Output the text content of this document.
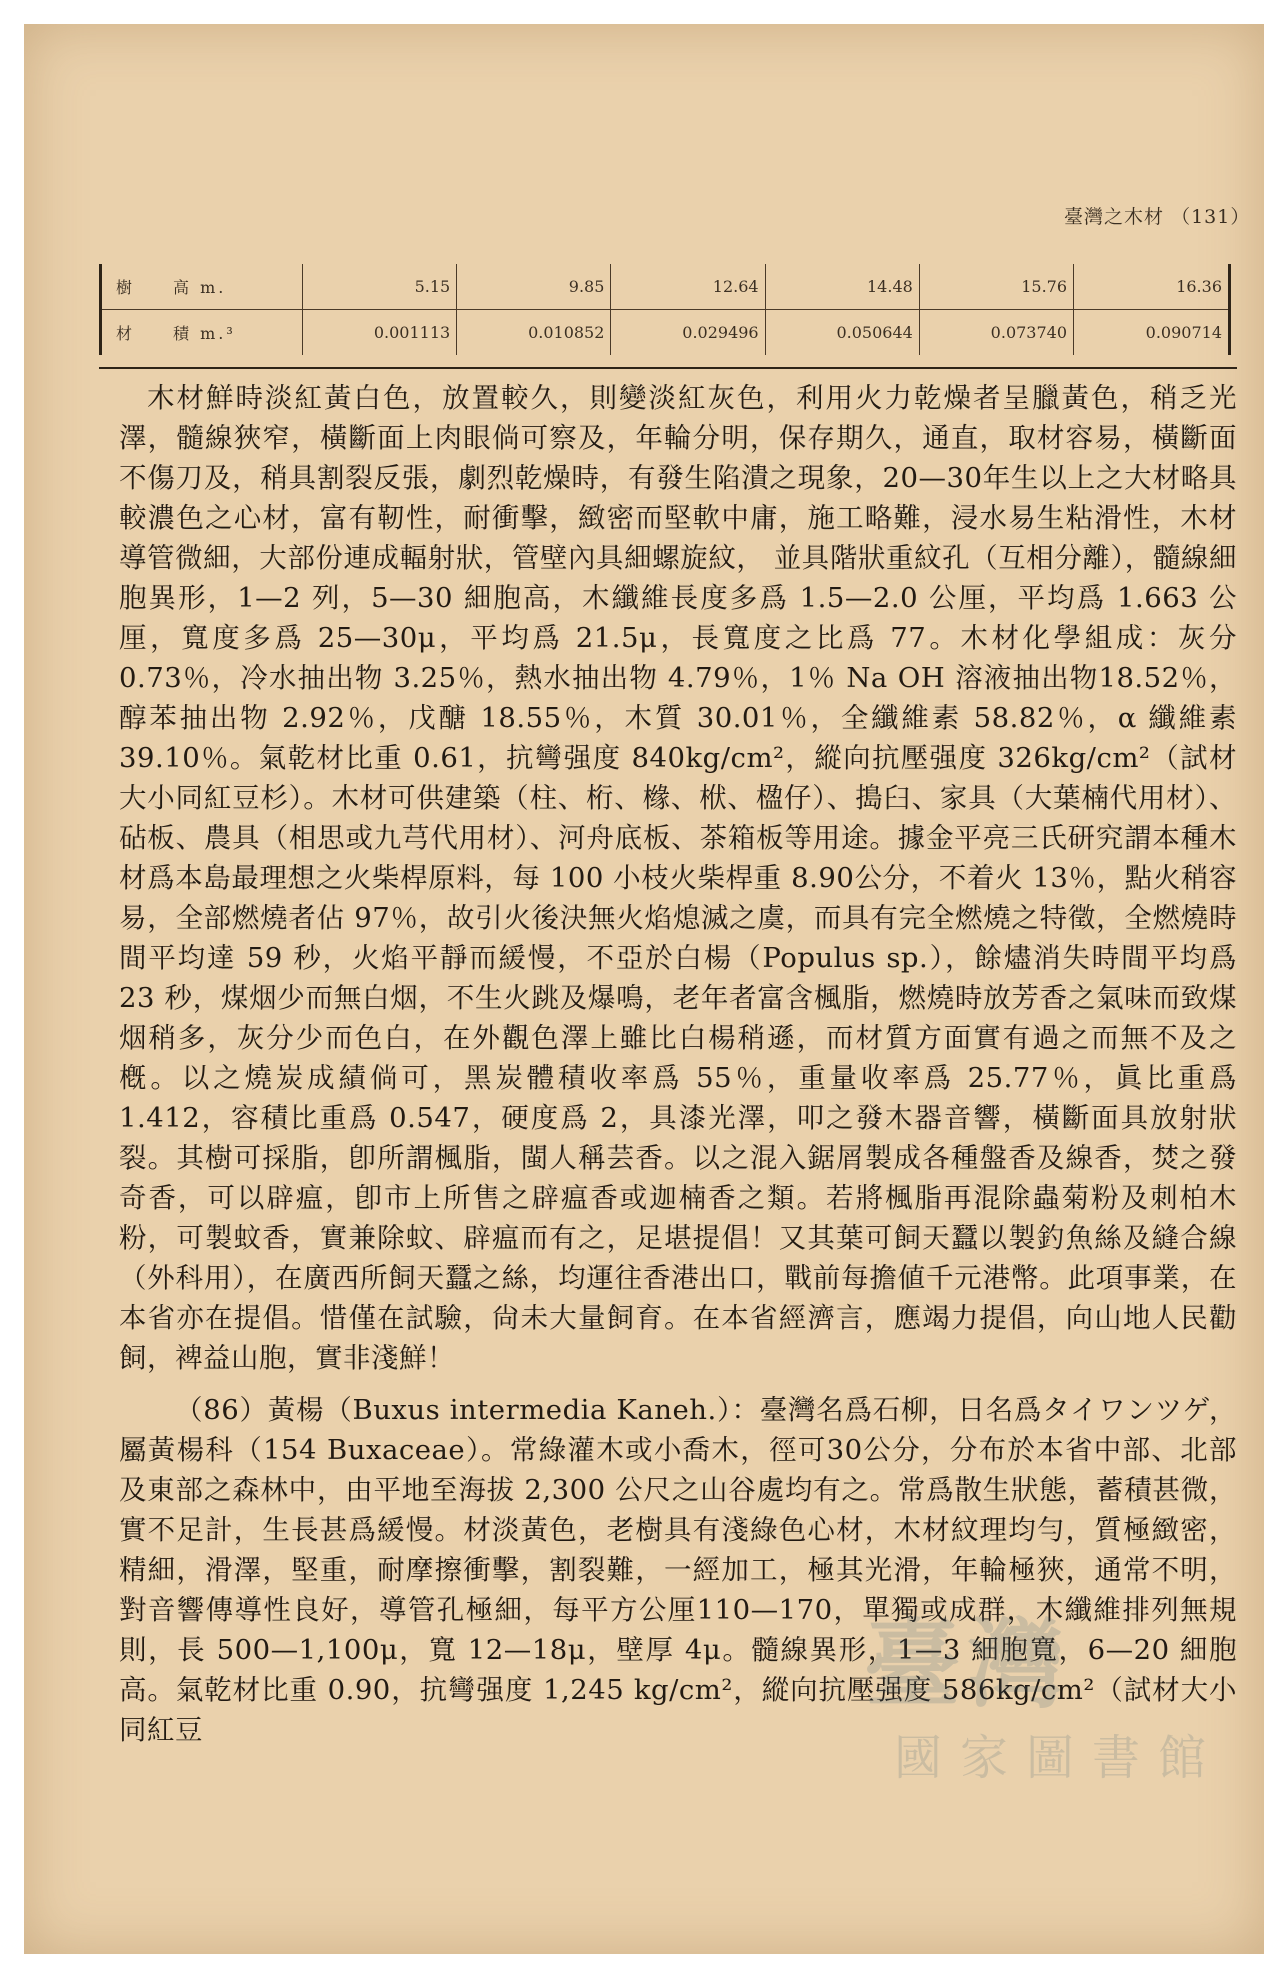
臺灣之木材 （131）
樹　　高 m.	5.15	9.85	12.64	14.48	15.76	16.36
材　　積 m.³	0.001113	0.010852	0.029496	0.050644	0.073740	0.090714

木材鮮時淡紅黃白色，放置較久，則變淡紅灰色，利用火力乾燥者呈臘黃色，稍乏光澤，髓線狹窄，橫斷面上肉眼倘可察及，年輪分明，保存期久，通直，取材容易，橫斷面不傷刀及，稍具割裂反張，劇烈乾燥時，有發生陷潰之現象，20—30年生以上之大材略具較濃色之心材，富有靭性，耐衝擊，緻密而堅軟中庸，施工略難，浸水易生粘滑性，木材導管微細，大部份連成輻射狀，管壁內具細螺旋紋， 並具階狀重紋孔（互相分離），髓線細胞異形，1—2 列，5—30 細胞高，木纖維長度多爲 1.5—2.0 公厘，平均爲 1.663 公厘，寬度多爲 25—30μ，平均爲 21.5μ，長寬度之比爲 77。木材化學組成：灰分 0.73％，冷水抽出物 3.25％，熱水抽出物 4.79％，1％ Na OH 溶液抽出物18.52％，醇苯抽出物 2.92％，戊醣 18.55％，木質 30.01％，全纖維素 58.82％，α 纖維素 39.10％。氣乾材比重 0.61，抗彎强度 840kg/cm²，縱向抗壓强度 326kg/cm²（試材大小同紅豆杉）。木材可供建築（柱、桁、橼、栿、楹仔）、搗臼、家具（大葉楠代用材）、砧板、農具（相思或九芎代用材）、河舟底板、茶箱板等用途。據金平亮三氏研究謂本種木材爲本島最理想之火柴桿原料，每 100 小枝火柴桿重 8.90公分，不着火 13％，點火稍容易，全部燃燒者佔 97％，故引火後決無火焰熄滅之虞，而具有完全燃燒之特徵，全燃燒時間平均達 59 秒，火焰平靜而緩慢，不亞於白楊（Populus sp.），餘燼消失時間平均爲 23 秒，煤烟少而無白烟，不生火跳及爆鳴，老年者富含楓脂，燃燒時放芳香之氣味而致煤烟稍多，灰分少而色白，在外觀色澤上雖比白楊稍遜，而材質方面實有過之而無不及之槪。以之燒炭成績倘可，黑炭體積收率爲 55％，重量收率爲 25.77％，眞比重爲 1.412，容積比重爲 0.547，硬度爲 2，具漆光澤，叩之發木器音響，橫斷面具放射狀裂。其樹可採脂，卽所謂楓脂，閩人稱芸香。以之混入鋸屑製成各種盤香及線香，焚之發奇香，可以辟瘟，卽市上所售之辟瘟香或迦楠香之類。若將楓脂再混除蟲菊粉及刺柏木粉，可製蚊香，實兼除蚊、辟瘟而有之，足堪提倡！又其葉可飼天蠶以製釣魚絲及縫合線（外科用），在廣西所飼天蠶之絲，均運往香港出口，戰前每擔値千元港幣。此項事業，在本省亦在提倡。惜僅在試驗，尙未大量飼育。在本省經濟言，應竭力提倡，向山地人民勸飼，裨益山胞，實非淺鮮！

（86）黃楊（Buxus intermedia Kaneh.）：臺灣名爲石柳，日名爲タイワンツゲ，屬黃楊科（154 Buxaceae）。常綠灌木或小喬木，徑可30公分，分布於本省中部、北部及東部之森林中，由平地至海拔 2,300 公尺之山谷處均有之。常爲散生狀態，蓄積甚微，實不足計，生長甚爲緩慢。材淡黃色，老樹具有淺綠色心材，木材紋理均勻，質極緻密，精細，滑澤，堅重，耐摩擦衝擊，割裂難，一經加工，極其光滑，年輪極狹，通常不明，對音響傳導性良好，導管孔極細，每平方公厘110—170，單獨或成群，木纖維排列無規則，長 500—1,100μ，寬 12—18μ，壁厚 4μ。髓線異形，1—3 細胞寬，6—20 細胞高。氣乾材比重 0.90，抗彎强度 1,245 kg/cm²，縱向抗壓强度 586kg/cm²（試材大小同紅豆

臺灣
國家圖書館
